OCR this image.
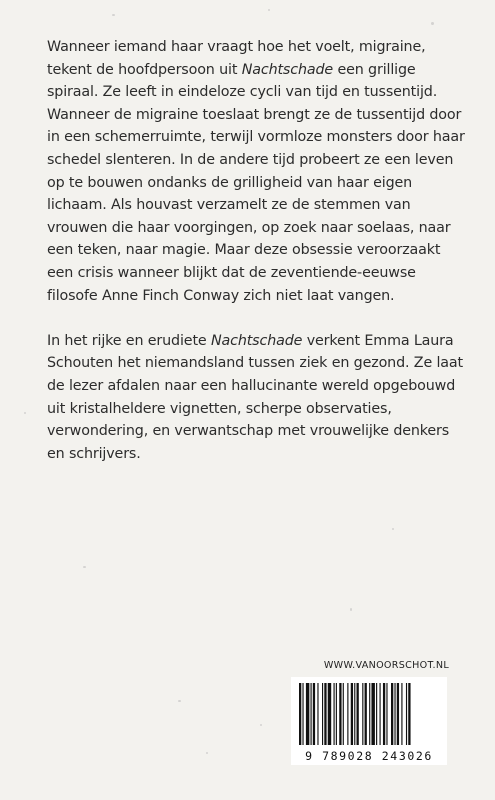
Wanneer iemand haar vraagt hoe het voelt, migraine, tekent de hoofdpersoon uit Nachtschade een grillige spiraal. Ze leeft in eindeloze cycli van tijd en tussentijd. Wanneer de migraine toeslaat brengt ze de tussentijd door in een schemerruimte, terwijl vormloze monsters door haar schedel slenteren. In de andere tijd probeert ze een leven op te bouwen ondanks de grilligheid van haar eigen lichaam. Als houvast verzamelt ze de stemmen van vrouwen die haar voorgingen, op zoek naar soelaas, naar een teken, naar magie. Maar deze obsessie veroorzaakt een crisis wanneer blijkt dat de zeventiende-eeuwse filosofe Anne Finch Conway zich niet laat vangen.

In het rijke en erudiete Nachtschade verkent Emma Laura Schouten het niemandsland tussen ziek en gezond. Ze laat de lezer afdalen naar een hallucinante wereld opgebouwd uit kristalheldere vignetten, scherpe observaties, verwondering, en verwantschap met vrouwelijke denkers en schrijvers.

WWW.VANOORSCHOT.NL
9 789028 243026
